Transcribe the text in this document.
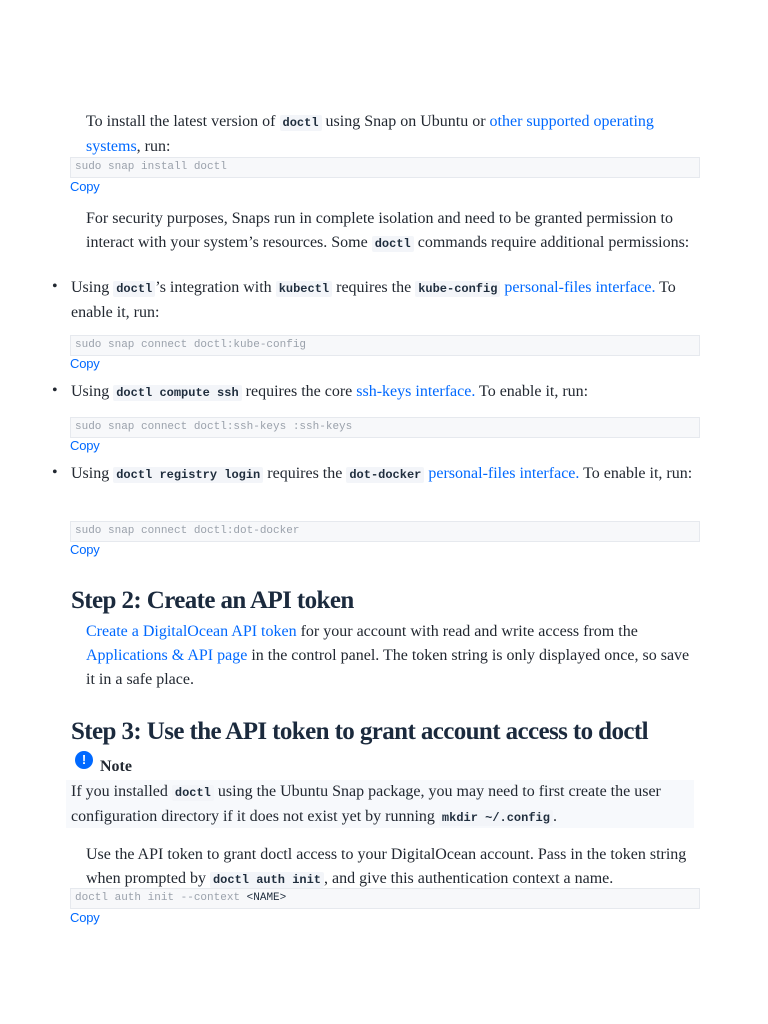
To install the latest version of doctl using Snap on Ubuntu or other supported operating systems, run:
sudo snap install doctl
Copy
For security purposes, Snaps run in complete isolation and need to be granted permission to interact with your system’s resources. Some doctl commands require additional permissions:
• Using doctl ’s integration with kubectl requires the kube-config personal-files interface. To enable it, run:
sudo snap connect doctl:kube-config
Copy
• Using doctl compute ssh requires the core ssh-keys interface. To enable it, run:
sudo snap connect doctl:ssh-keys :ssh-keys
Copy
• Using doctl registry login requires the dot-docker personal-files interface. To enable it, run:
sudo snap connect doctl:dot-docker
Copy
Step 2: Create an API token
Create a DigitalOcean API token for your account with read and write access from the Applications & API page in the control panel. The token string is only displayed once, so save it in a safe place.
Step 3: Use the API token to grant account access to doctl
! Note
If you installed doctl using the Ubuntu Snap package, you may need to first create the user configuration directory if it does not exist yet by running mkdir ~/.config .
Use the API token to grant doctl access to your DigitalOcean account. Pass in the token string when prompted by doctl auth init , and give this authentication context a name.
doctl auth init --context <NAME>
Copy
